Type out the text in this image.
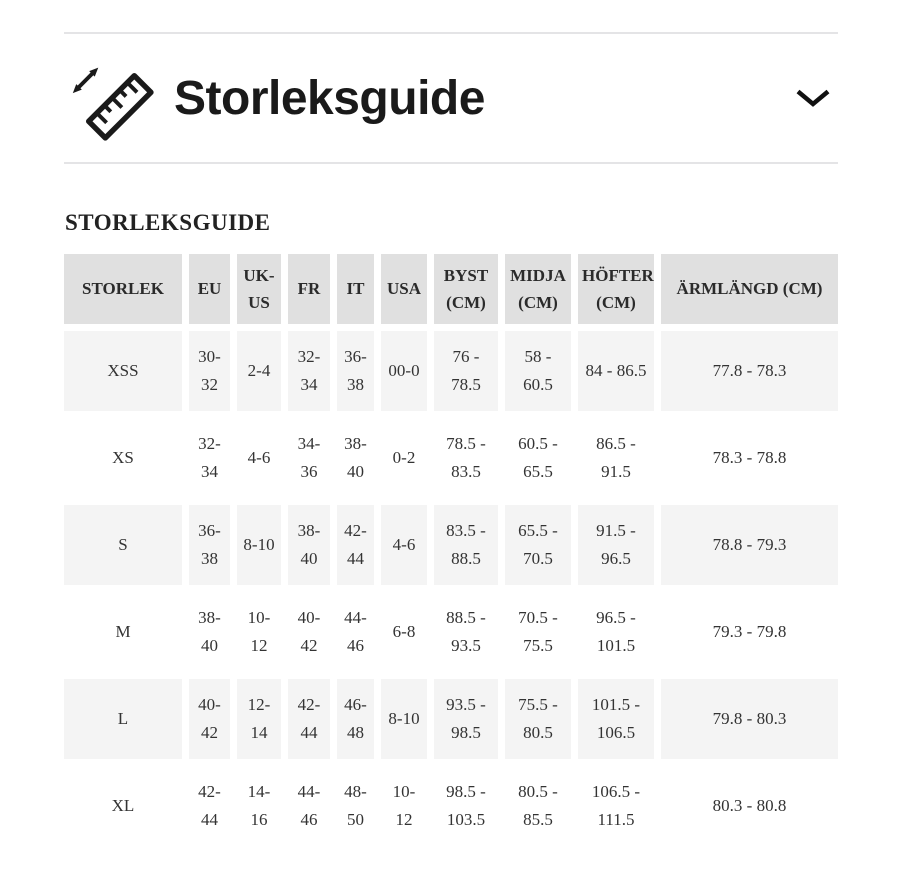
Storleksguide
STORLEKSGUIDE
STORLEK	EU	UK-US	FR	IT	USA	BYST (CM)	MIDJA (CM)	HÖFTER (CM)	ÄRMLÄNGD (CM)
XSS	30-32	2-4	32-34	36-38	00-0	76 - 78.5	58 - 60.5	84 - 86.5	77.8 - 78.3
XS	32-34	4-6	34-36	38-40	0-2	78.5 - 83.5	60.5 - 65.5	86.5 - 91.5	78.3 - 78.8
S	36-38	8-10	38-40	42-44	4-6	83.5 - 88.5	65.5 - 70.5	91.5 - 96.5	78.8 - 79.3
M	38-40	10-12	40-42	44-46	6-8	88.5 - 93.5	70.5 - 75.5	96.5 - 101.5	79.3 - 79.8
L	40-42	12-14	42-44	46-48	8-10	93.5 - 98.5	75.5 - 80.5	101.5 - 106.5	79.8 - 80.3
XL	42-44	14-16	44-46	48-50	10-12	98.5 - 103.5	80.5 - 85.5	106.5 - 111.5	80.3 - 80.8
